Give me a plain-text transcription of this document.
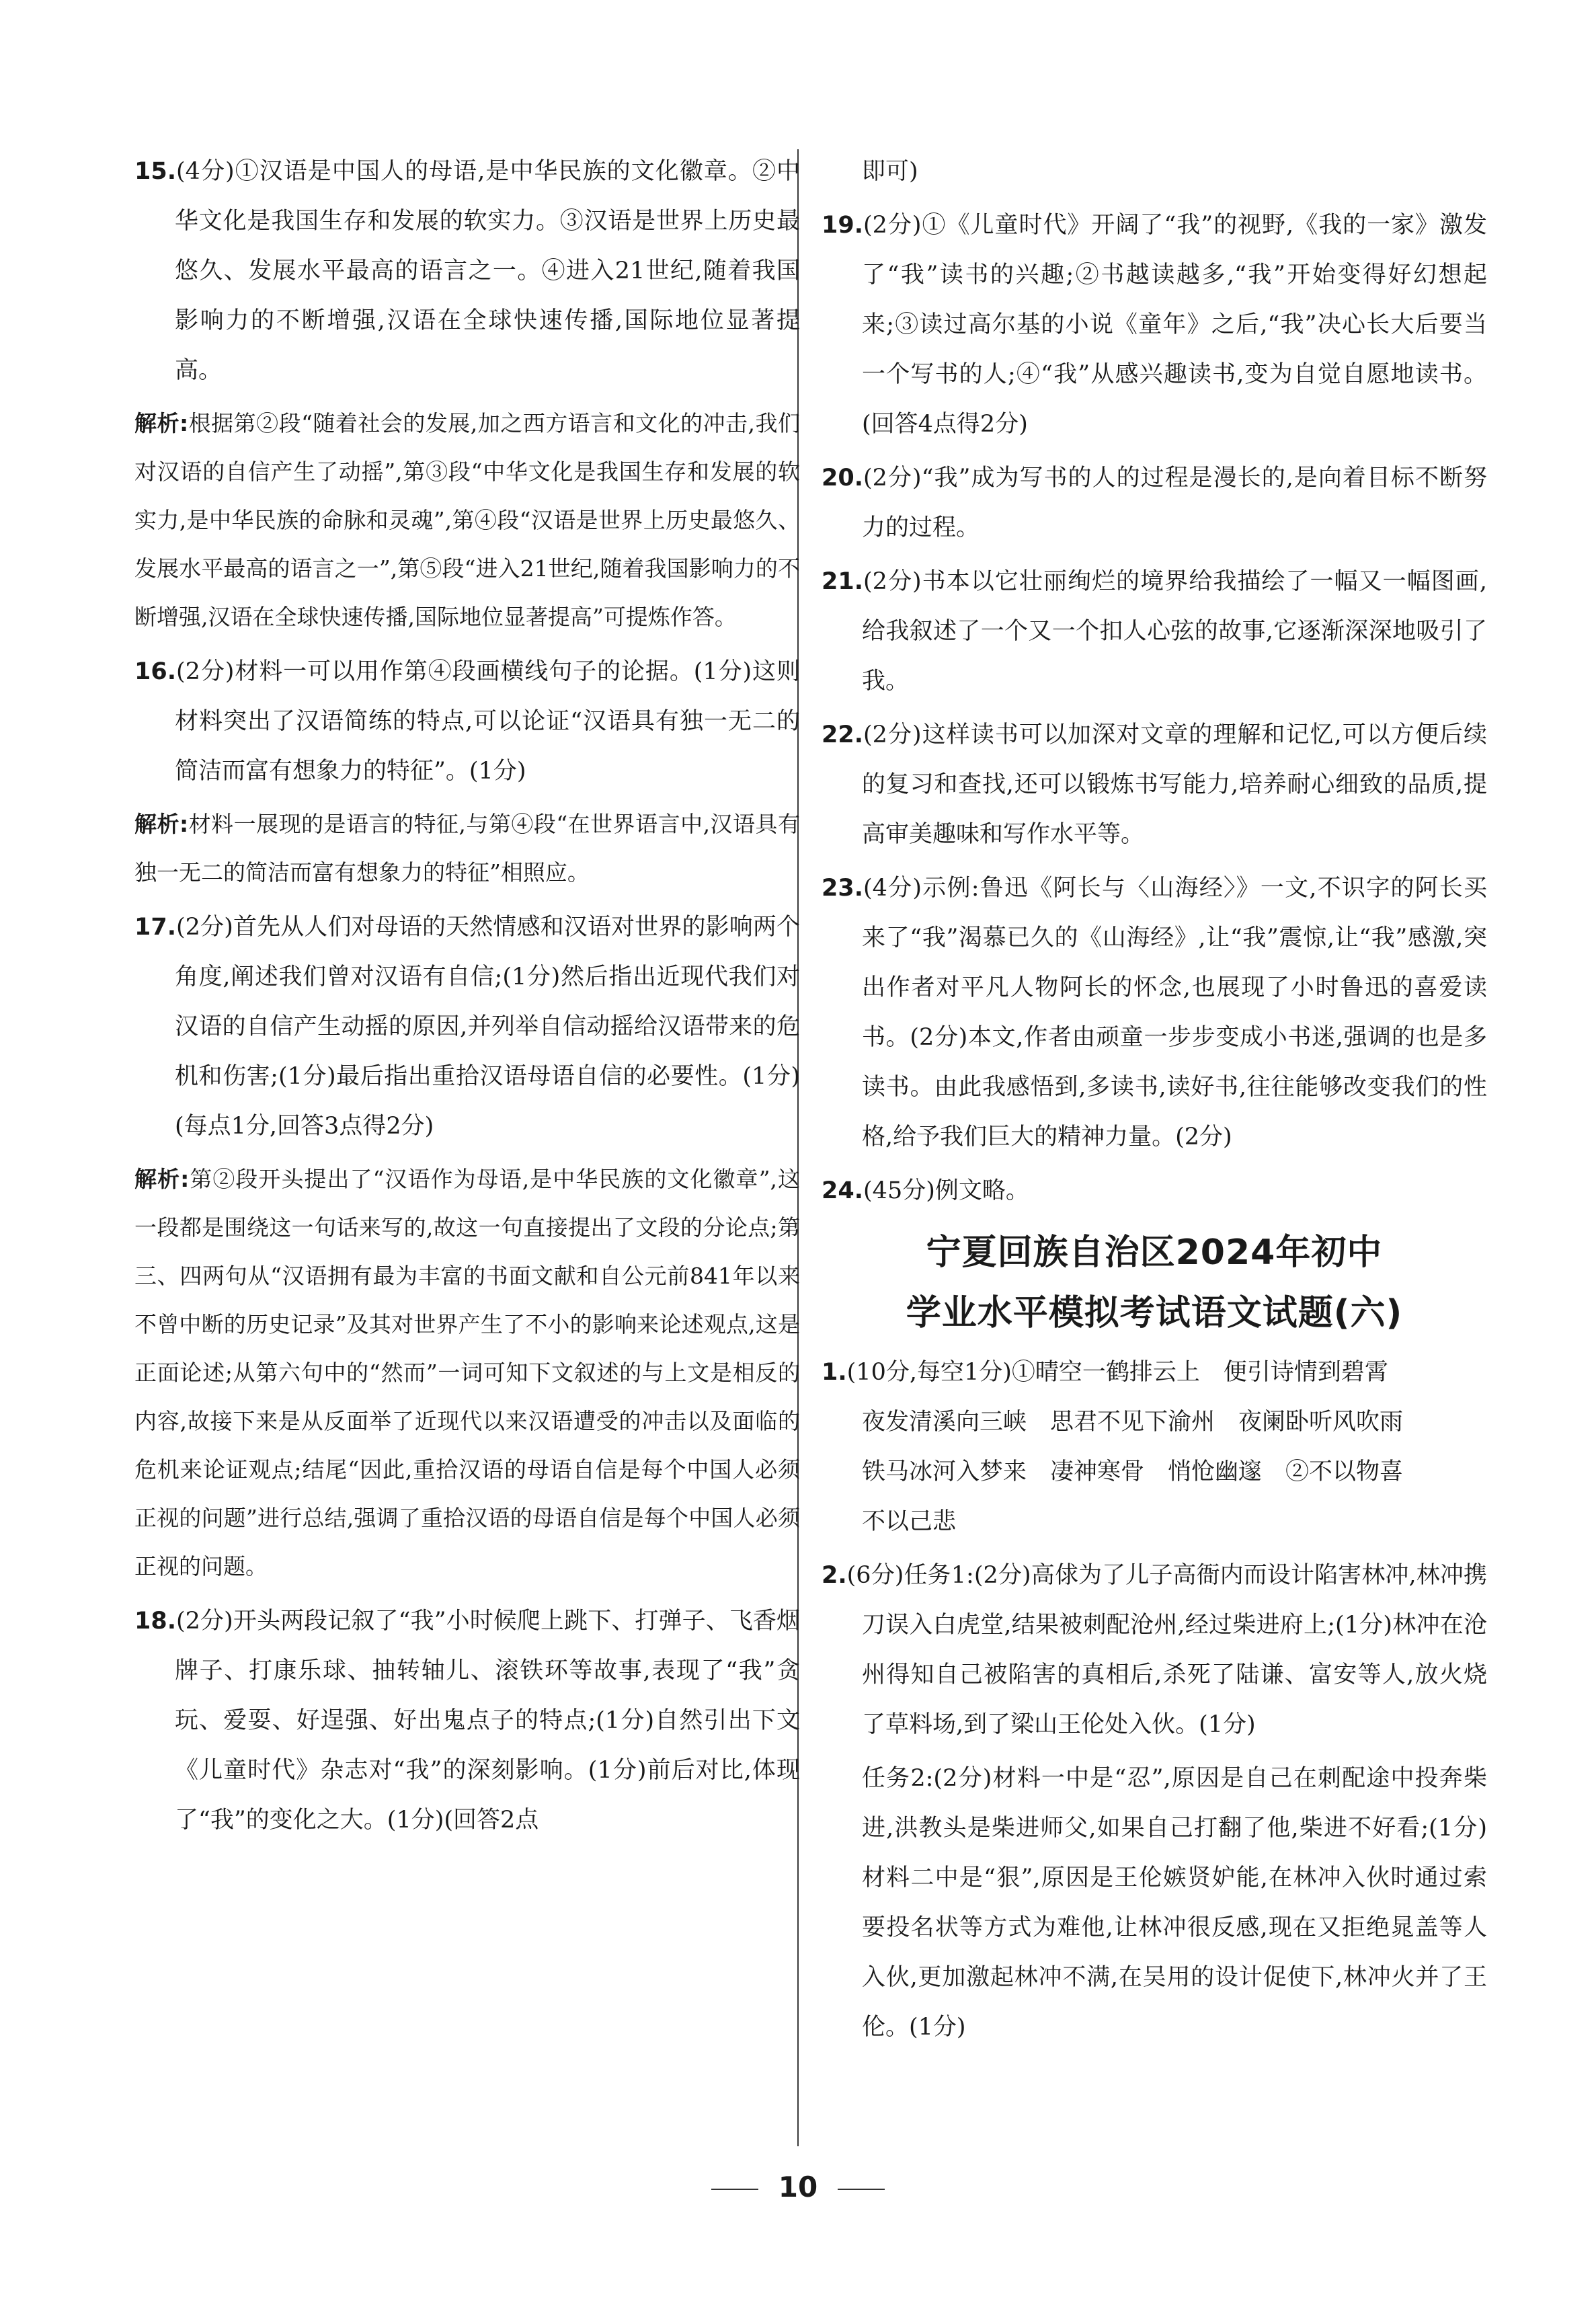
15.(4分)①汉语是中国人的母语,是中华民族的文化徽章。②中华文化是我国生存和发展的软实力。③汉语是世界上历史最悠久、发展水平最高的语言之一。④进入21世纪,随着我国影响力的不断增强,汉语在全球快速传播,国际地位显著提高。

解析:根据第②段“随着社会的发展,加之西方语言和文化的冲击,我们对汉语的自信产生了动摇”,第③段“中华文化是我国生存和发展的软实力,是中华民族的命脉和灵魂”,第④段“汉语是世界上历史最悠久、发展水平最高的语言之一”,第⑤段“进入21世纪,随着我国影响力的不断增强,汉语在全球快速传播,国际地位显著提高”可提炼作答。

16.(2分)材料一可以用作第④段画横线句子的论据。(1分)这则材料突出了汉语简练的特点,可以论证“汉语具有独一无二的简洁而富有想象力的特征”。(1分)

解析:材料一展现的是语言的特征,与第④段“在世界语言中,汉语具有独一无二的简洁而富有想象力的特征”相照应。

17.(2分)首先从人们对母语的天然情感和汉语对世界的影响两个角度,阐述我们曾对汉语有自信;(1分)然后指出近现代我们对汉语的自信产生动摇的原因,并列举自信动摇给汉语带来的危机和伤害;(1分)最后指出重拾汉语母语自信的必要性。(1分)(每点1分,回答3点得2分)

解析:第②段开头提出了“汉语作为母语,是中华民族的文化徽章”,这一段都是围绕这一句话来写的,故这一句直接提出了文段的分论点;第三、四两句从“汉语拥有最为丰富的书面文献和自公元前841年以来不曾中断的历史记录”及其对世界产生了不小的影响来论述观点,这是正面论述;从第六句中的“然而”一词可知下文叙述的与上文是相反的内容,故接下来是从反面举了近现代以来汉语遭受的冲击以及面临的危机来论证观点;结尾“因此,重拾汉语的母语自信是每个中国人必须正视的问题”进行总结,强调了重拾汉语的母语自信是每个中国人必须正视的问题。

18.(2分)开头两段记叙了“我”小时候爬上跳下、打弹子、飞香烟牌子、打康乐球、抽转轴儿、滚铁环等故事,表现了“我”贪玩、爱耍、好逞强、好出鬼点子的特点;(1分)自然引出下文《儿童时代》杂志对“我”的深刻影响。(1分)前后对比,体现了“我”的变化之大。(1分)(回答2点

即可)

19.(2分)①《儿童时代》开阔了“我”的视野,《我的一家》激发了“我”读书的兴趣;②书越读越多,“我”开始变得好幻想起来;③读过高尔基的小说《童年》之后,“我”决心长大后要当一个写书的人;④“我”从感兴趣读书,变为自觉自愿地读书。(回答4点得2分)

20.(2分)“我”成为写书的人的过程是漫长的,是向着目标不断努力的过程。

21.(2分)书本以它壮丽绚烂的境界给我描绘了一幅又一幅图画,给我叙述了一个又一个扣人心弦的故事,它逐渐深深地吸引了我。

22.(2分)这样读书可以加深对文章的理解和记忆,可以方便后续的复习和查找,还可以锻炼书写能力,培养耐心细致的品质,提高审美趣味和写作水平等。

23.(4分)示例:鲁迅《阿长与〈山海经〉》一文,不识字的阿长买来了“我”渴慕已久的《山海经》,让“我”震惊,让“我”感激,突出作者对平凡人物阿长的怀念,也展现了小时鲁迅的喜爱读书。(2分)本文,作者由顽童一步步变成小书迷,强调的也是多读书。由此我感悟到,多读书,读好书,往往能够改变我们的性格,给予我们巨大的精神力量。(2分)

24.(45分)例文略。

宁夏回族自治区2024年初中
学业水平模拟考试语文试题(六)
1.(10分,每空1分)①晴空一鹤排云上　便引诗情到碧霄
夜发清溪向三峡　思君不见下渝州　夜阑卧听风吹雨
铁马冰河入梦来　凄神寒骨　悄怆幽邃　②不以物喜
不以己悲

2.(6分)任务1:(2分)高俅为了儿子高衙内而设计陷害林冲,林冲携刀误入白虎堂,结果被刺配沧州,经过柴进府上;(1分)林冲在沧州得知自己被陷害的真相后,杀死了陆谦、富安等人,放火烧了草料场,到了梁山王伦处入伙。(1分)

任务2:(2分)材料一中是“忍”,原因是自己在刺配途中投奔柴进,洪教头是柴进师父,如果自己打翻了他,柴进不好看;(1分)材料二中是“狠”,原因是王伦嫉贤妒能,在林冲入伙时通过索要投名状等方式为难他,让林冲很反感,现在又拒绝晁盖等人入伙,更加激起林冲不满,在吴用的设计促使下,林冲火并了王伦。(1分)

10
